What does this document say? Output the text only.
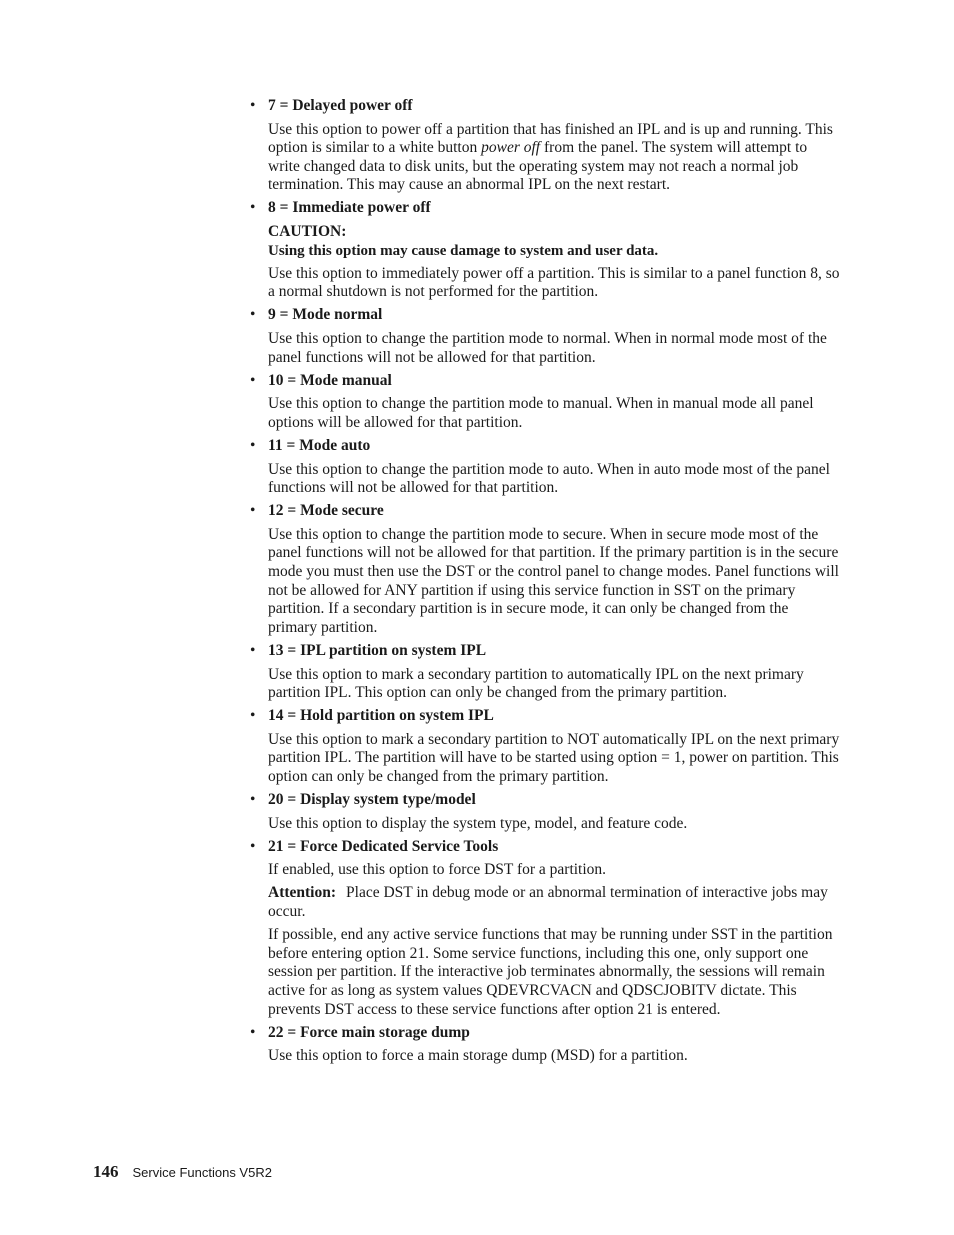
• 7 = Delayed power off

Use this option to power off a partition that has finished an IPL and is up and running. This option is similar to a white button power off from the panel. The system will attempt to write changed data to disk units, but the operating system may not reach a normal job termination. This may cause an abnormal IPL on the next restart.

• 8 = Immediate power off

CAUTION:

Using this option may cause damage to system and user data.

Use this option to immediately power off a partition. This is similar to a panel function 8, so a normal shutdown is not performed for the partition.

• 9 = Mode normal

Use this option to change the partition mode to normal. When in normal mode most of the panel functions will not be allowed for that partition.

• 10 = Mode manual

Use this option to change the partition mode to manual. When in manual mode all panel options will be allowed for that partition.

• 11 = Mode auto

Use this option to change the partition mode to auto. When in auto mode most of the panel functions will not be allowed for that partition.

• 12 = Mode secure

Use this option to change the partition mode to secure. When in secure mode most of the panel functions will not be allowed for that partition. If the primary partition is in the secure mode you must then use the DST or the control panel to change modes. Panel functions will not be allowed for ANY partition if using this service function in SST on the primary partition. If a secondary partition is in secure mode, it can only be changed from the primary partition.

• 13 = IPL partition on system IPL

Use this option to mark a secondary partition to automatically IPL on the next primary partition IPL. This option can only be changed from the primary partition.

• 14 = Hold partition on system IPL

Use this option to mark a secondary partition to NOT automatically IPL on the next primary partition IPL. The partition will have to be started using option = 1, power on partition. This option can only be changed from the primary partition.

• 20 = Display system type/model

Use this option to display the system type, model, and feature code.

• 21 = Force Dedicated Service Tools

If enabled, use this option to force DST for a partition.

Attention: Place DST in debug mode or an abnormal termination of interactive jobs may occur.

If possible, end any active service functions that may be running under SST in the partition before entering option 21. Some service functions, including this one, only support one session per partition. If the interactive job terminates abnormally, the sessions will remain active for as long as system values QDEVRCVACN and QDSCJOBITV dictate. This prevents DST access to these service functions after option 21 is entered.

• 22 = Force main storage dump

Use this option to force a main storage dump (MSD) for a partition.

146 Service Functions V5R2
